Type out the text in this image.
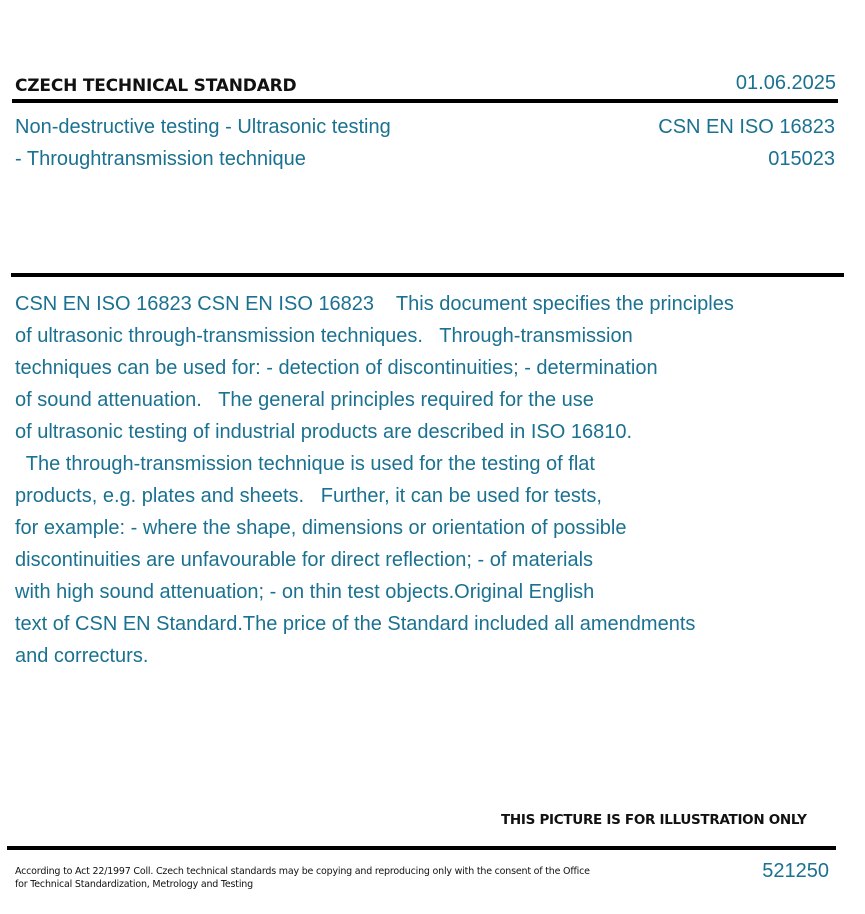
CZECH TECHNICAL STANDARD	01.06.2025
Non-destructive testing - Ultrasonic testing
- Throughtransmission technique
CSN EN ISO 16823
015023
CSN EN ISO 16823 CSN EN ISO 16823    This document specifies the principles
of ultrasonic through-transmission techniques.   Through-transmission
techniques can be used for: - detection of discontinuities; - determination
of sound attenuation.   The general principles required for the use
of ultrasonic testing of industrial products are described in ISO 16810.
The through-transmission technique is used for the testing of flat
products, e.g. plates and sheets.   Further, it can be used for tests,
for example: - where the shape, dimensions or orientation of possible
discontinuities are unfavourable for direct reflection; - of materials
with high sound attenuation; - on thin test objects.Original English
text of CSN EN Standard.The price of the Standard included all amendments
and correcturs.
THIS PICTURE IS FOR ILLUSTRATION ONLY
According to Act 22/1997 Coll. Czech technical standards may be copying and reproducing only with the consent of the Office
for Technical Standardization, Metrology and Testing
521250
